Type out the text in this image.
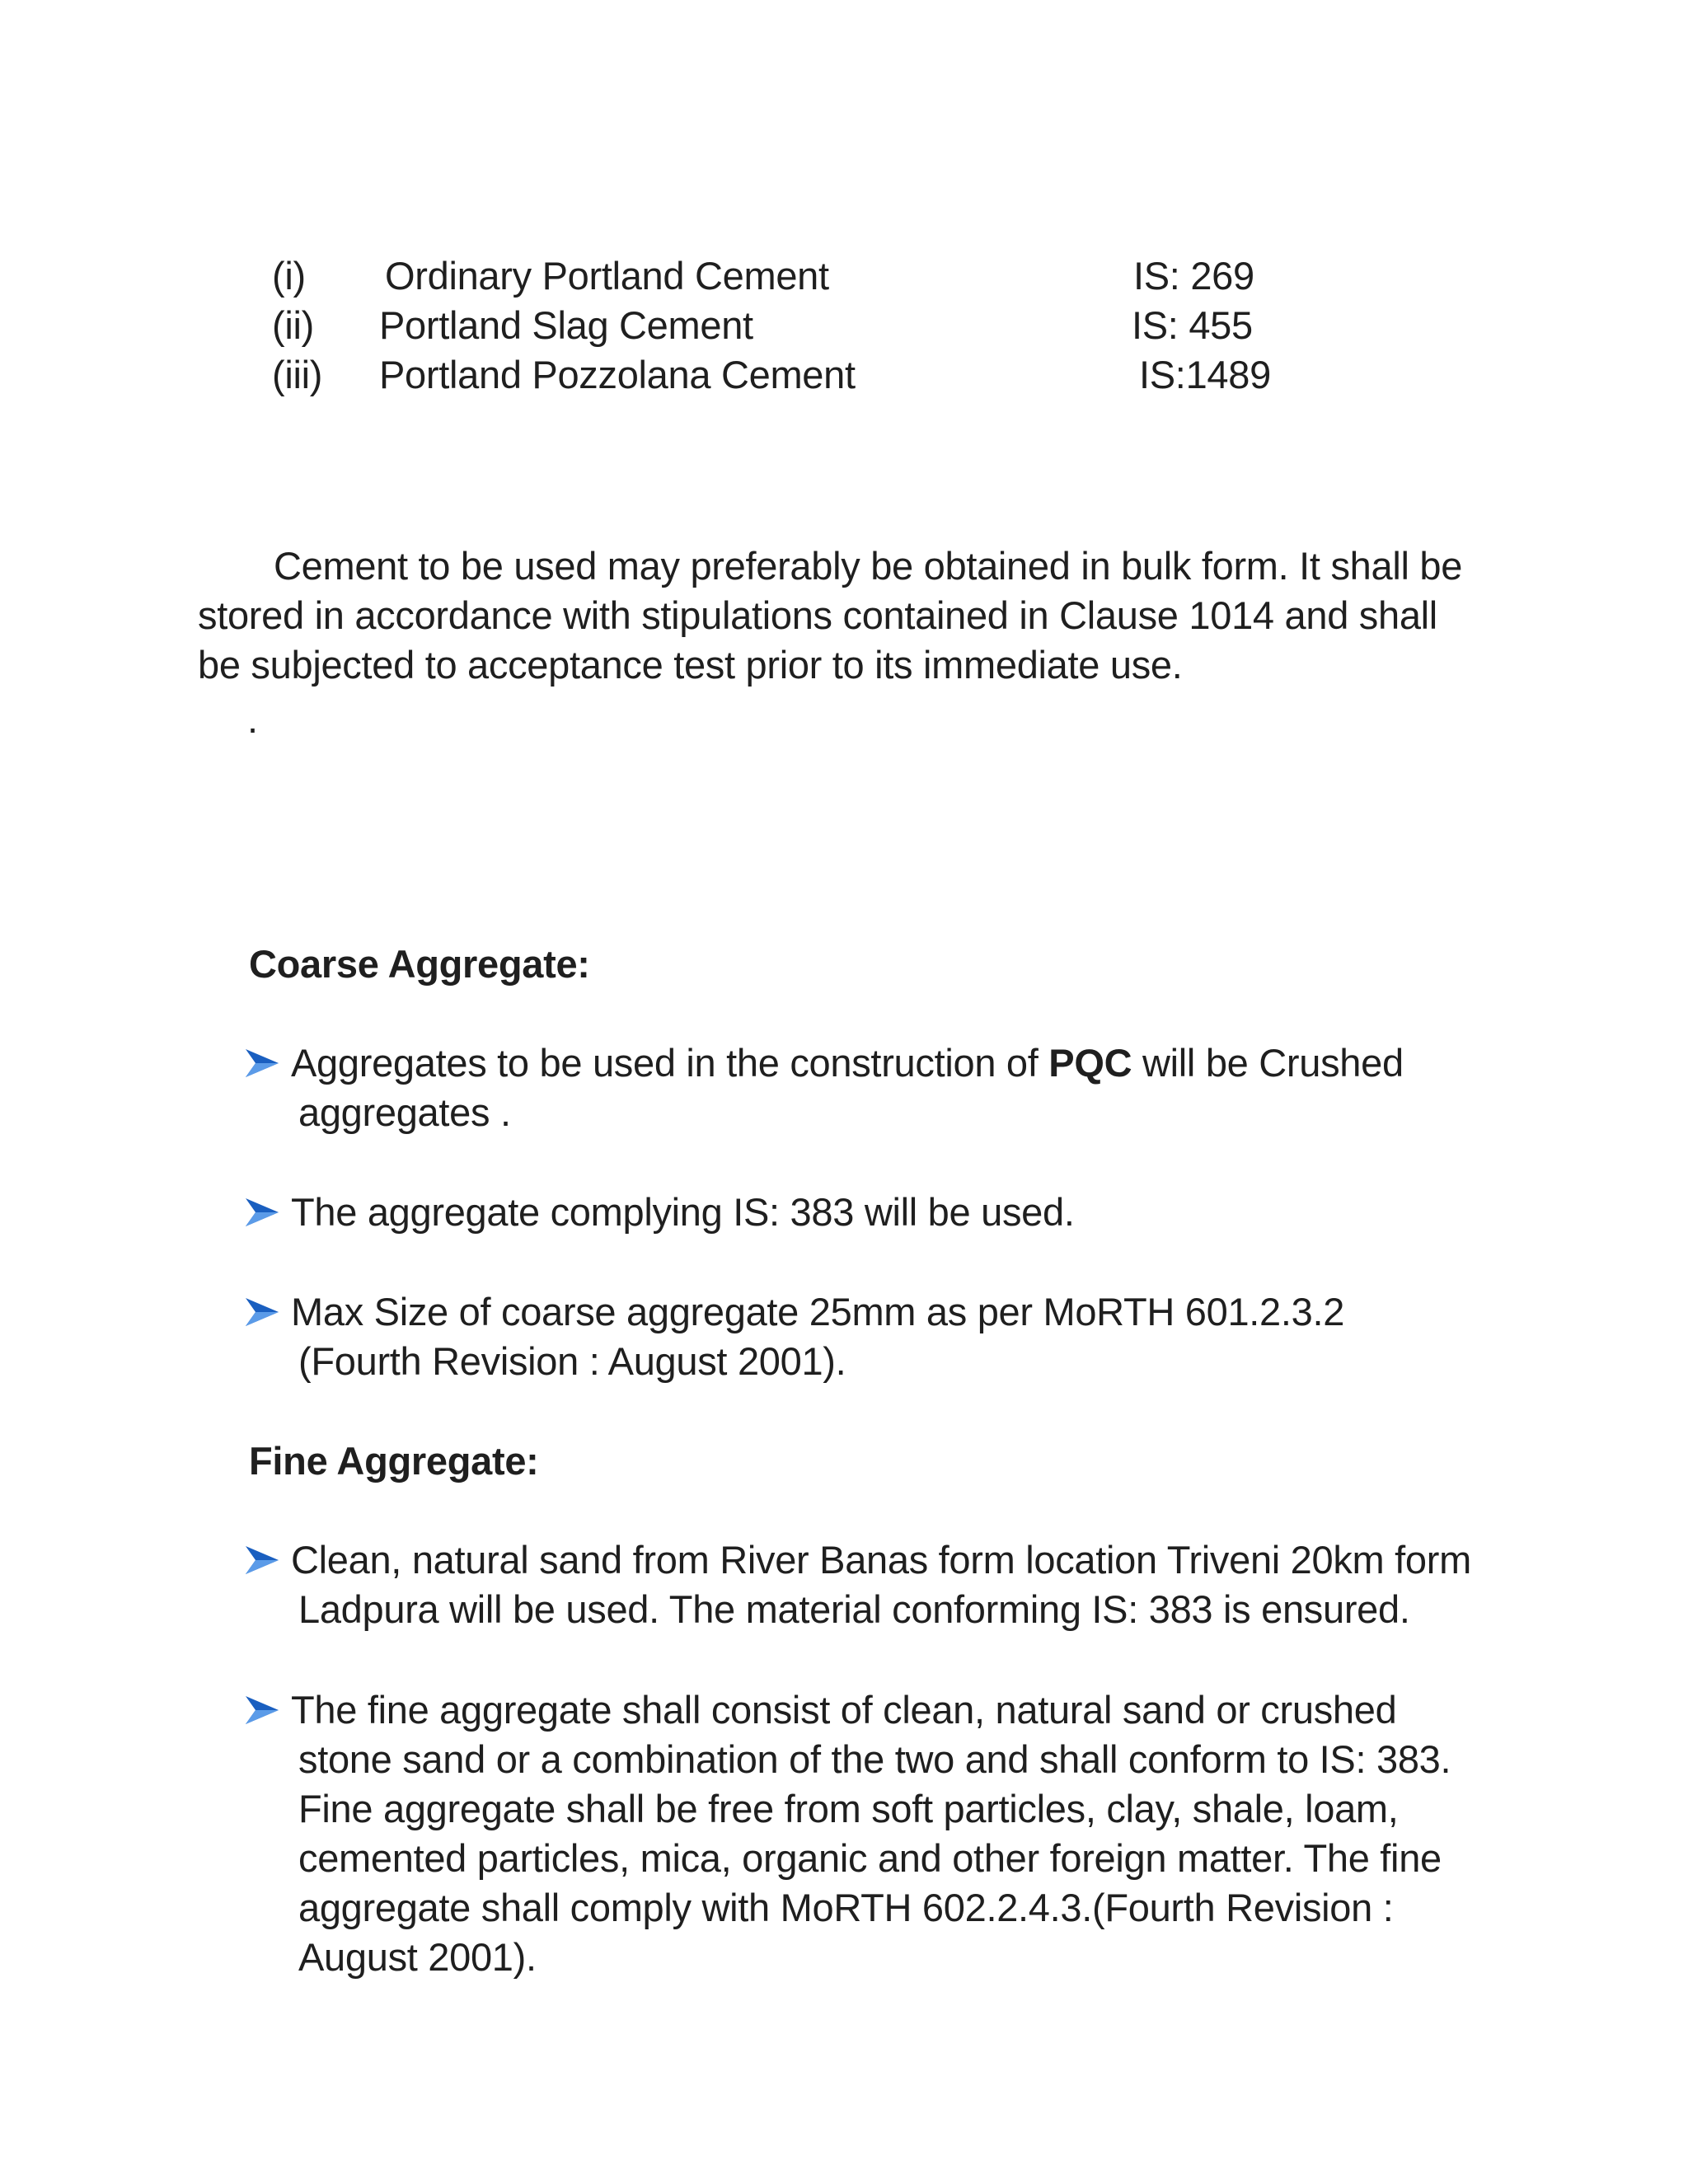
(i) Ordinary Portland Cement	IS: 269
(ii) Portland Slag Cement	IS: 455
(iii) Portland Pozzolana Cement	IS:1489
Cement to be used may preferably be obtained in bulk form. It shall be
stored in accordance with stipulations contained in Clause 1014 and shall
be subjected to acceptance test prior to its immediate use.
.
Coarse Aggregate:
Aggregates to be used in the construction of PQC will be Crushed
aggregates .
The aggregate complying IS: 383 will be used.
Max Size of coarse aggregate 25mm as per MoRTH 601.2.3.2
(Fourth Revision : August 2001).
Fine Aggregate:
Clean, natural sand from River Banas form location Triveni 20km form
Ladpura will be used. The material conforming IS: 383 is ensured.
The fine aggregate shall consist of clean, natural sand or crushed
stone sand or a combination of the two and shall conform to IS: 383.
Fine aggregate shall be free from soft particles, clay, shale, loam,
cemented particles, mica, organic and other foreign matter. The fine
aggregate shall comply with MoRTH 602.2.4.3.(Fourth Revision :
August 2001).
